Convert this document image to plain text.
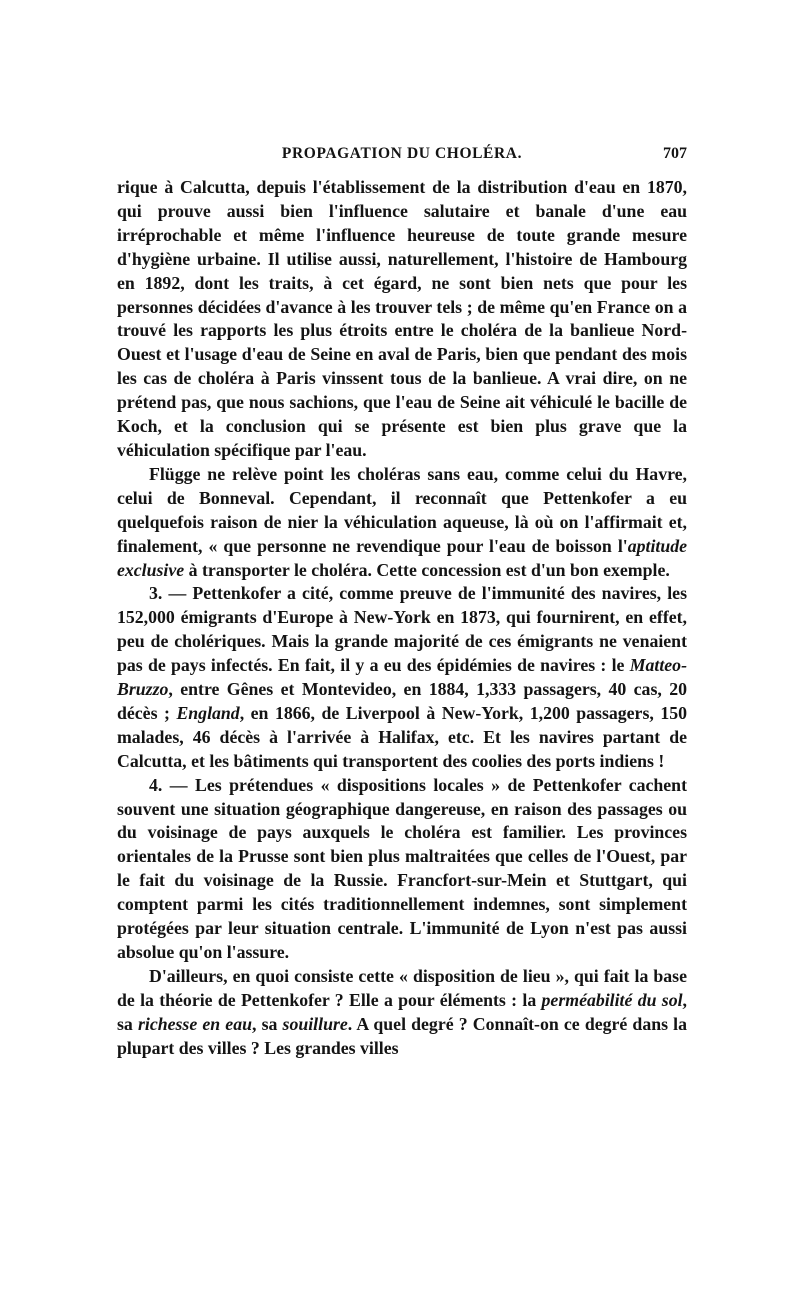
PROPAGATION DU CHOLÉRA.	707

rique à Calcutta, depuis l'établissement de la distribution d'eau en 1870, qui prouve aussi bien l'influence salutaire et banale d'une eau irréprochable et même l'influence heureuse de toute grande mesure d'hygiène urbaine. Il utilise aussi, naturellement, l'histoire de Hambourg en 1892, dont les traits, à cet égard, ne sont bien nets que pour les personnes décidées d'avance à les trouver tels ; de même qu'en France on a trouvé les rapports les plus étroits entre le choléra de la banlieue Nord-Ouest et l'usage d'eau de Seine en aval de Paris, bien que pendant des mois les cas de choléra à Paris vinssent tous de la banlieue. A vrai dire, on ne prétend pas, que nous sachions, que l'eau de Seine ait véhiculé le bacille de Koch, et la conclusion qui se présente est bien plus grave que la véhiculation spécifique par l'eau.

Flügge ne relève point les choléras sans eau, comme celui du Havre, celui de Bonneval. Cependant, il reconnaît que Pettenkofer a eu quelquefois raison de nier la véhiculation aqueuse, là où on l'affirmait et, finalement, « que personne ne revendique pour l'eau de boisson l'aptitude exclusive à transporter le choléra. Cette concession est d'un bon exemple.

3. — Pettenkofer a cité, comme preuve de l'immunité des navires, les 152,000 émigrants d'Europe à New-York en 1873, qui fournirent, en effet, peu de cholériques. Mais la grande majorité de ces émigrants ne venaient pas de pays infectés. En fait, il y a eu des épidémies de navires : le Matteo-Bruzzo, entre Gênes et Montevideo, en 1884, 1,333 passagers, 40 cas, 20 décès ; England, en 1866, de Liverpool à New-York, 1,200 passagers, 150 malades, 46 décès à l'arrivée à Halifax, etc. Et les navires partant de Calcutta, et les bâtiments qui transportent des coolies des ports indiens !

4. — Les prétendues « dispositions locales » de Pettenkofer cachent souvent une situation géographique dangereuse, en raison des passages ou du voisinage de pays auxquels le choléra est familier. Les provinces orientales de la Prusse sont bien plus maltraitées que celles de l'Ouest, par le fait du voisinage de la Russie. Francfort-sur-Mein et Stuttgart, qui comptent parmi les cités traditionnellement indemnes, sont simplement protégées par leur situation centrale. L'immunité de Lyon n'est pas aussi absolue qu'on l'assure.

D'ailleurs, en quoi consiste cette « disposition de lieu », qui fait la base de la théorie de Pettenkofer ? Elle a pour éléments : la perméabilité du sol, sa richesse en eau, sa souillure. A quel degré ? Connaît-on ce degré dans la plupart des villes ? Les grandes villes
